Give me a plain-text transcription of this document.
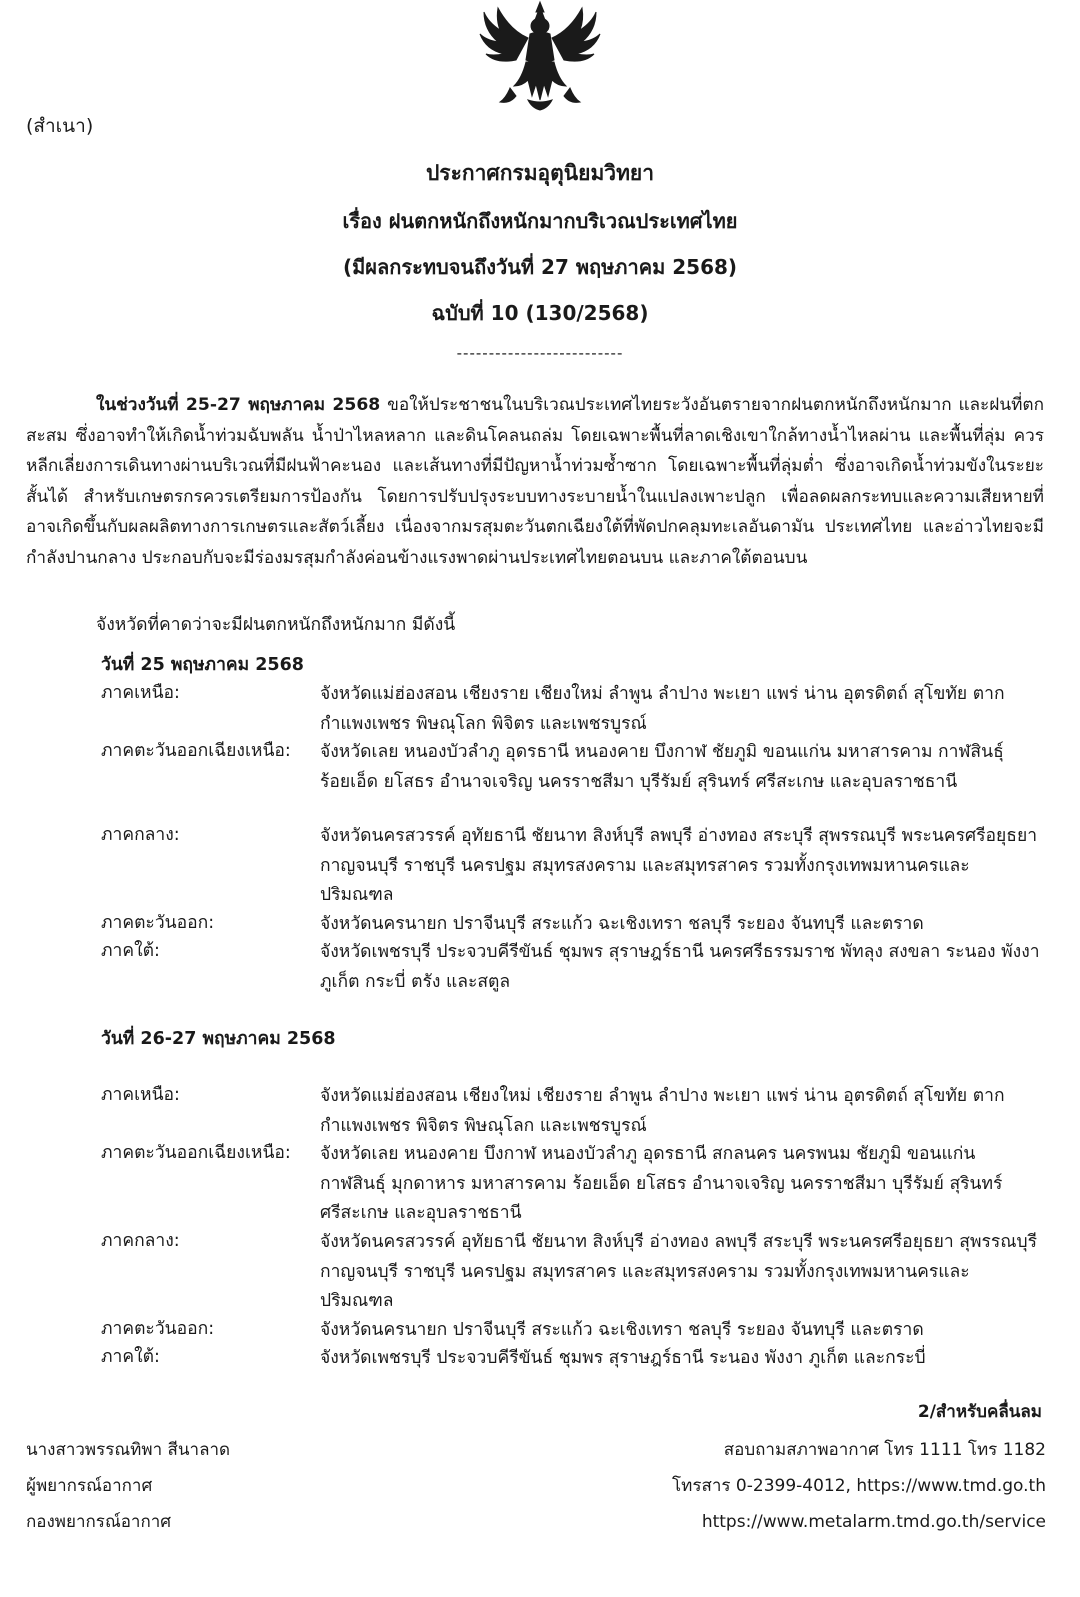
(สำเนา)
ประกาศกรมอุตุนิยมวิทยา
เรื่อง ฝนตกหนักถึงหนักมากบริเวณประเทศไทย
(มีผลกระทบจนถึงวันที่ 27 พฤษภาคม 2568)
ฉบับที่ 10 (130/2568)
--------------------------
ในช่วงวันที่ 25-27 พฤษภาคม 2568 ขอให้ประชาชนในบริเวณประเทศไทยระวังอันตรายจากฝนตกหนักถึงหนักมาก และฝนที่ตกสะสม ซึ่งอาจทำให้เกิดน้ำท่วมฉับพลัน น้ำป่าไหลหลาก และดินโคลนถล่ม โดยเฉพาะพื้นที่ลาดเชิงเขาใกล้ทางน้ำไหลผ่าน และพื้นที่ลุ่ม ควรหลีกเลี่ยงการเดินทางผ่านบริเวณที่มีฝนฟ้าคะนอง และเส้นทางที่มีปัญหาน้ำท่วมซ้ำซาก โดยเฉพาะพื้นที่ลุ่มต่ำ ซึ่งอาจเกิดน้ำท่วมขังในระยะสั้นได้ สำหรับเกษตรกรควรเตรียมการป้องกัน โดยการปรับปรุงระบบทางระบายน้ำในแปลงเพาะปลูก เพื่อลดผลกระทบและความเสียหายที่อาจเกิดขึ้นกับผลผลิตทางการเกษตรและสัตว์เลี้ยง เนื่องจากมรสุมตะวันตกเฉียงใต้ที่พัดปกคลุมทะเลอันดามัน ประเทศไทย และอ่าวไทยจะมีกำลังปานกลาง ประกอบกับจะมีร่องมรสุมกำลังค่อนข้างแรงพาดผ่านประเทศไทยตอนบน และภาคใต้ตอนบน
จังหวัดที่คาดว่าจะมีฝนตกหนักถึงหนักมาก มีดังนี้
วันที่ 25 พฤษภาคม 2568
ภาคเหนือ:	จังหวัดแม่ฮ่องสอน เชียงราย เชียงใหม่ ลำพูน ลำปาง พะเยา แพร่ น่าน อุตรดิตถ์ สุโขทัย ตาก กำแพงเพชร พิษณุโลก พิจิตร และเพชรบูรณ์
ภาคตะวันออกเฉียงเหนือ:	จังหวัดเลย หนองบัวลำภู อุดรธานี หนองคาย บึงกาฬ ชัยภูมิ ขอนแก่น มหาสารคาม กาฬสินธุ์ ร้อยเอ็ด ยโสธร อำนาจเจริญ นครราชสีมา บุรีรัมย์ สุรินทร์ ศรีสะเกษ และอุบลราชธานี
ภาคกลาง:	จังหวัดนครสวรรค์ อุทัยธานี ชัยนาท สิงห์บุรี ลพบุรี อ่างทอง สระบุรี สุพรรณบุรี พระนครศรีอยุธยา กาญจนบุรี ราชบุรี นครปฐม สมุทรสงคราม และสมุทรสาคร รวมทั้งกรุงเทพมหานครและปริมณฑล
ภาคตะวันออก:	จังหวัดนครนายก ปราจีนบุรี สระแก้ว ฉะเชิงเทรา ชลบุรี ระยอง จันทบุรี และตราด
ภาคใต้:	จังหวัดเพชรบุรี ประจวบคีรีขันธ์ ชุมพร สุราษฎร์ธานี นครศรีธรรมราช พัทลุง สงขลา ระนอง พังงา ภูเก็ต กระบี่ ตรัง และสตูล
วันที่ 26-27 พฤษภาคม 2568
ภาคเหนือ:	จังหวัดแม่ฮ่องสอน เชียงใหม่ เชียงราย ลำพูน ลำปาง พะเยา แพร่ น่าน อุตรดิตถ์ สุโขทัย ตาก กำแพงเพชร พิจิตร พิษณุโลก และเพชรบูรณ์
ภาคตะวันออกเฉียงเหนือ:	จังหวัดเลย หนองคาย บึงกาฬ หนองบัวลำภู อุดรธานี สกลนคร นครพนม ชัยภูมิ ขอนแก่น กาฬสินธุ์ มุกดาหาร มหาสารคาม ร้อยเอ็ด ยโสธร อำนาจเจริญ นครราชสีมา บุรีรัมย์ สุรินทร์ ศรีสะเกษ และอุบลราชธานี
ภาคกลาง:	จังหวัดนครสวรรค์ อุทัยธานี ชัยนาท สิงห์บุรี อ่างทอง ลพบุรี สระบุรี พระนครศรีอยุธยา สุพรรณบุรี กาญจนบุรี ราชบุรี นครปฐม สมุทรสาคร และสมุทรสงคราม รวมทั้งกรุงเทพมหานครและปริมณฑล
ภาคตะวันออก:	จังหวัดนครนายก ปราจีนบุรี สระแก้ว ฉะเชิงเทรา ชลบุรี ระยอง จันทบุรี และตราด
ภาคใต้:	จังหวัดเพชรบุรี ประจวบคีรีขันธ์ ชุมพร สุราษฎร์ธานี ระนอง พังงา ภูเก็ต และกระบี่
2/สำหรับคลื่นลม
นางสาวพรรณทิพา สีนาลาด
ผู้พยากรณ์อากาศ
กองพยากรณ์อากาศ
สอบถามสภาพอากาศ โทร 1111 โทร 1182
โทรสาร 0-2399-4012, https://www.tmd.go.th
https://www.metalarm.tmd.go.th/service
